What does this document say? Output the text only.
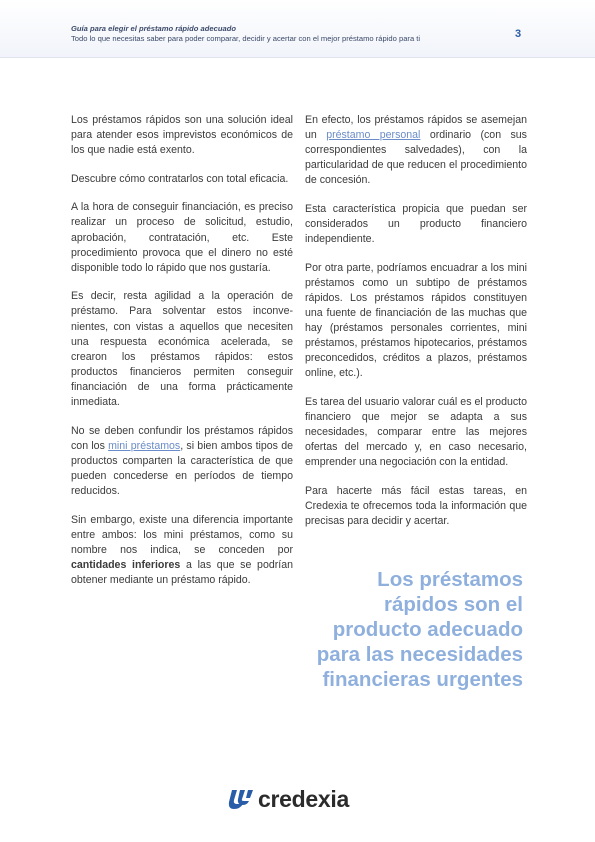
Guía para elegir el préstamo rápido adecuado
Todo lo que necesitas saber para poder comparar, decidir y acertar con el mejor préstamo rápido para ti	3

Los préstamos rápidos son una solución ideal para atender esos imprevistos económicos de los que nadie está exento.

Descubre cómo contratarlos con total eficacia.

A la hora de conseguir financiación, es preciso realizar un proceso de solicitud, estudio, aprobación, contratación, etc. Este procedimiento provoca que el dinero no esté disponible todo lo rápido que nos gustaría.

Es decir, resta agilidad a la operación de préstamo. Para solventar estos inconvenientes, con vistas a aquellos que necesiten una respuesta económica acelerada, se crearon los préstamos rápidos: estos productos financieros permiten conseguir financiación de una forma prácticamente inmediata.

No se deben confundir los préstamos rápidos con los mini préstamos, si bien ambos tipos de productos comparten la característica de que pueden concederse en períodos de tiempo reducidos.

Sin embargo, existe una diferencia importante entre ambos: los mini préstamos, como su nombre nos indica, se conceden por cantidades inferiores a las que se podrían obtener mediante un préstamo rápido.

En efecto, los préstamos rápidos se asemejan un préstamo personal ordinario (con sus correspondientes salvedades), con la particularidad de que reducen el procedimiento de concesión.

Esta característica propicia que puedan ser considerados un producto financiero independiente.

Por otra parte, podríamos encuadrar a los mini préstamos como un subtipo de préstamos rápidos. Los préstamos rápidos constituyen una fuente de financiación de las muchas que hay (préstamos personales corrientes, mini préstamos, préstamos hipotecarios, préstamos preconcedidos, créditos a plazos, préstamos online, etc.).

Es tarea del usuario valorar cuál es el producto financiero que mejor se adapta a sus necesidades, comparar entre las mejores ofertas del mercado y, en caso necesario, emprender una negociación con la entidad.

Para hacerte más fácil estas tareas, en Credexia te ofrecemos toda la información que precisas para decidir y acertar.

Los préstamos rápidos son el producto adecuado para las necesidades financieras urgentes
credexia
